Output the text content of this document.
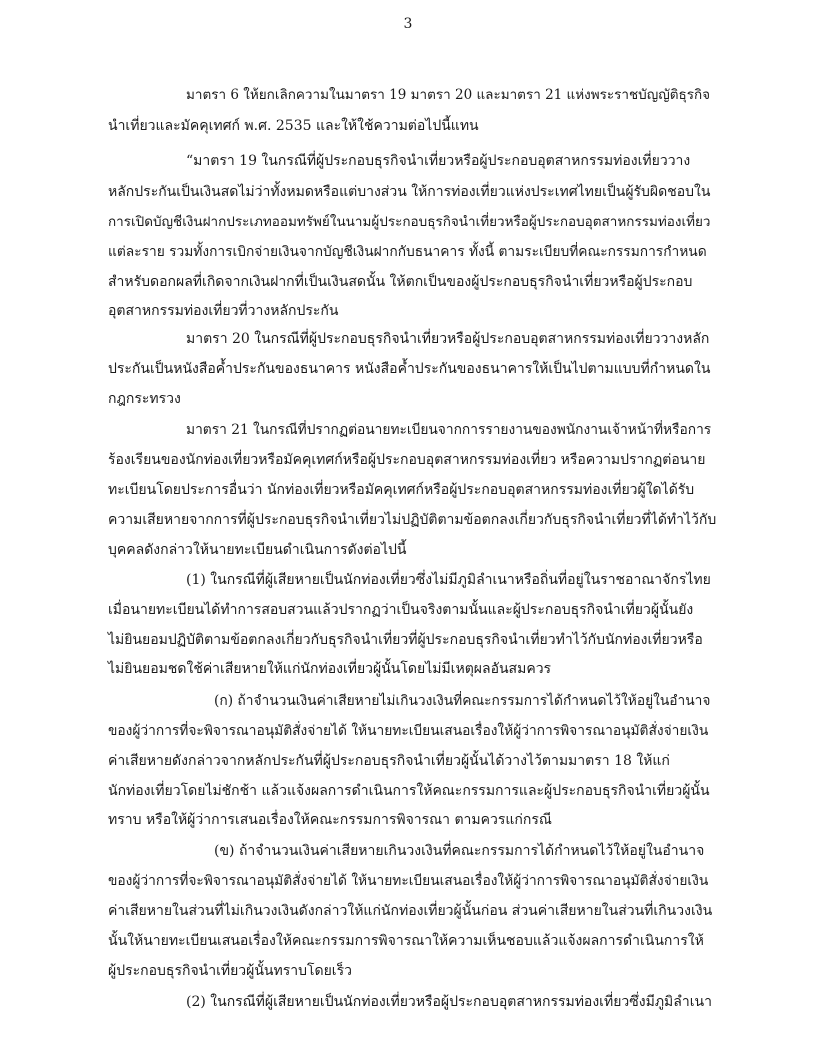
3
มาตรา 6 ให้ยกเลิกความในมาตรา 19 มาตรา 20 และมาตรา 21 แห่งพระราชบัญญัติธุรกิจ
นำเที่ยวและมัคคุเทศก์ พ.ศ. 2535 และให้ใช้ความต่อไปนี้แทน
“มาตรา 19 ในกรณีที่ผู้ประกอบธุรกิจนำเที่ยวหรือผู้ประกอบอุตสาหกรรมท่องเที่ยววาง
หลักประกันเป็นเงินสดไม่ว่าทั้งหมดหรือแต่บางส่วน ให้การท่องเที่ยวแห่งประเทศไทยเป็นผู้รับผิดชอบใน
การเปิดบัญชีเงินฝากประเภทออมทรัพย์ในนามผู้ประกอบธุรกิจนำเที่ยวหรือผู้ประกอบอุตสาหกรรมท่องเที่ยว
แต่ละราย รวมทั้งการเบิกจ่ายเงินจากบัญชีเงินฝากกับธนาคาร ทั้งนี้ ตามระเบียบที่คณะกรรมการกำหนด
สำหรับดอกผลที่เกิดจากเงินฝากที่เป็นเงินสดนั้น ให้ตกเป็นของผู้ประกอบธุรกิจนำเที่ยวหรือผู้ประกอบ
อุตสาหกรรมท่องเที่ยวที่วางหลักประกัน
มาตรา 20 ในกรณีที่ผู้ประกอบธุรกิจนำเที่ยวหรือผู้ประกอบอุตสาหกรรมท่องเที่ยววางหลัก
ประกันเป็นหนังสือค้ำประกันของธนาคาร หนังสือค้ำประกันของธนาคารให้เป็นไปตามแบบที่กำหนดใน
กฎกระทรวง
มาตรา 21 ในกรณีที่ปรากฏต่อนายทะเบียนจากการรายงานของพนักงานเจ้าหน้าที่หรือการ
ร้องเรียนของนักท่องเที่ยวหรือมัคคุเทศก์หรือผู้ประกอบอุตสาหกรรมท่องเที่ยว หรือความปรากฏต่อนาย
ทะเบียนโดยประการอื่นว่า นักท่องเที่ยวหรือมัคคุเทศก์หรือผู้ประกอบอุตสาหกรรมท่องเที่ยวผู้ใดได้รับ
ความเสียหายจากการที่ผู้ประกอบธุรกิจนำเที่ยวไม่ปฏิบัติตามข้อตกลงเกี่ยวกับธุรกิจนำเที่ยวที่ได้ทำไว้กับ
บุคคลดังกล่าวให้นายทะเบียนดำเนินการดังต่อไปนี้
(1) ในกรณีที่ผู้เสียหายเป็นนักท่องเที่ยวซึ่งไม่มีภูมิลำเนาหรือถิ่นที่อยู่ในราชอาณาจักรไทย
เมื่อนายทะเบียนได้ทำการสอบสวนแล้วปรากฏว่าเป็นจริงตามนั้นและผู้ประกอบธุรกิจนำเที่ยวผู้นั้นยัง
ไม่ยินยอมปฏิบัติตามข้อตกลงเกี่ยวกับธุรกิจนำเที่ยวที่ผู้ประกอบธุรกิจนำเที่ยวทำไว้กับนักท่องเที่ยวหรือ
ไม่ยินยอมชดใช้ค่าเสียหายให้แก่นักท่องเที่ยวผู้นั้นโดยไม่มีเหตุผลอันสมควร
(ก) ถ้าจำนวนเงินค่าเสียหายไม่เกินวงเงินที่คณะกรรมการได้กำหนดไว้ให้อยู่ในอำนาจ
ของผู้ว่าการที่จะพิจารณาอนุมัติสั่งจ่ายได้ ให้นายทะเบียนเสนอเรื่องให้ผู้ว่าการพิจารณาอนุมัติสั่งจ่ายเงิน
ค่าเสียหายดังกล่าวจากหลักประกันที่ผู้ประกอบธุรกิจนำเที่ยวผู้นั้นได้วางไว้ตามมาตรา 18 ให้แก่
นักท่องเที่ยวโดยไม่ชักช้า แล้วแจ้งผลการดำเนินการให้คณะกรรมการและผู้ประกอบธุรกิจนำเที่ยวผู้นั้น
ทราบ หรือให้ผู้ว่าการเสนอเรื่องให้คณะกรรมการพิจารณา ตามควรแก่กรณี
(ข) ถ้าจำนวนเงินค่าเสียหายเกินวงเงินที่คณะกรรมการได้กำหนดไว้ให้อยู่ในอำนาจ
ของผู้ว่าการที่จะพิจารณาอนุมัติสั่งจ่ายได้ ให้นายทะเบียนเสนอเรื่องให้ผู้ว่าการพิจารณาอนุมัติสั่งจ่ายเงิน
ค่าเสียหายในส่วนที่ไม่เกินวงเงินดังกล่าวให้แก่นักท่องเที่ยวผู้นั้นก่อน ส่วนค่าเสียหายในส่วนที่เกินวงเงิน
นั้นให้นายทะเบียนเสนอเรื่องให้คณะกรรมการพิจารณาให้ความเห็นชอบแล้วแจ้งผลการดำเนินการให้
ผู้ประกอบธุรกิจนำเที่ยวผู้นั้นทราบโดยเร็ว
(2) ในกรณีที่ผู้เสียหายเป็นนักท่องเที่ยวหรือผู้ประกอบอุตสาหกรรมท่องเที่ยวซึ่งมีภูมิลำเนา
